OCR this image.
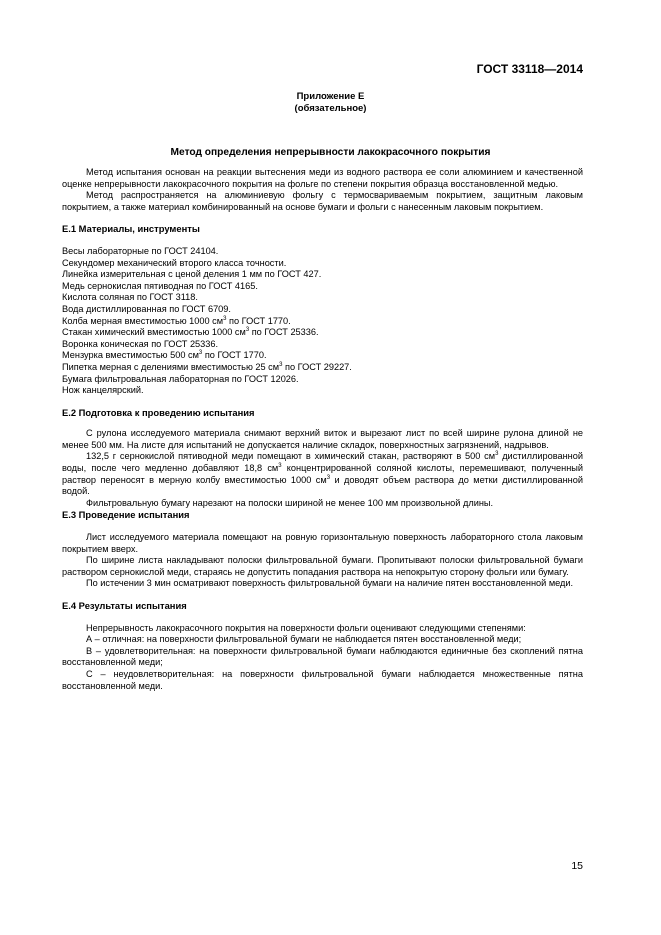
ГОСТ 33118—2014
Приложение Е
(обязательное)
Метод определения непрерывности лакокрасочного покрытия

Метод испытания основан на реакции вытеснения меди из водного раствора ее соли алюминием и качественной оценке непрерывности лакокрасочного покрытия на фольге по степени покрытия образца восстановленной медью.

Метод распространяется на алюминиевую фольгу с термосвариваемым покрытием, защитным лаковым покрытием, а также материал комбинированный на основе бумаги и фольги с нанесенным лаковым покрытием.

Е.1 Материалы, инструменты
Весы лабораторные по ГОСТ 24104.
Секундомер механический второго класса точности.
Линейка измерительная с ценой деления 1 мм по ГОСТ 427.
Медь сернокислая пятиводная по ГОСТ 4165.
Кислота соляная по ГОСТ 3118.
Вода дистиллированная по ГОСТ 6709.
Колба мерная вместимостью 1000 $см^3$ по ГОСТ 1770.
Стакан химический вместимостью 1000 $см^3$ по ГОСТ 25336.
Воронка коническая по ГОСТ 25336.
Мензурка вместимостью 500 $см^3$ по ГОСТ 1770.
Пипетка мерная с делениями вместимостью 25 $см^3$ по ГОСТ 29227.
Бумага фильтровальная лабораторная по ГОСТ 12026.
Нож канцелярский.
Е.2 Подготовка к проведению испытания

С рулона исследуемого материала снимают верхний виток и вырезают лист по всей ширине рулона длиной не менее 500 мм. На листе для испытаний не допускается наличие складок, поверхностных загрязнений, надрывов.

132,5 г сернокислой пятиводной меди помещают в химический стакан, растворяют в 500 $см^3$ дистиллированной воды, после чего медленно добавляют 18,8 $см^3$ концентрированной соляной кислоты, перемешивают, полученный раствор переносят в мерную колбу вместимостью 1000 $см^3$ и доводят объем раствора до метки дистиллированной водой.

Фильтровальную бумагу нарезают на полоски шириной не менее 100 мм произвольной длины.

Е.3 Проведение испытания

Лист исследуемого материала помещают на ровную горизонтальную поверхность лабораторного стола лаковым покрытием вверх.

По ширине листа накладывают полоски фильтровальной бумаги. Пропитывают полоски фильтровальной бумаги раствором сернокислой меди, стараясь не допустить попадания раствора на непокрытую сторону фольги или бумагу.

По истечении 3 мин осматривают поверхность фильтровальной бумаги на наличие пятен восстановленной меди.

Е.4 Результаты испытания

Непрерывность лакокрасочного покрытия на поверхности фольги оценивают следующими степенями:

А – отличная: на поверхности фильтровальной бумаги не наблюдается пятен восстановленной меди;

В – удовлетворительная: на поверхности фильтровальной бумаги наблюдаются единичные без скоплений пятна восстановленной меди;

С – неудовлетворительная: на поверхности фильтровальной бумаги наблюдается множественные пятна восстановленной меди.

15
